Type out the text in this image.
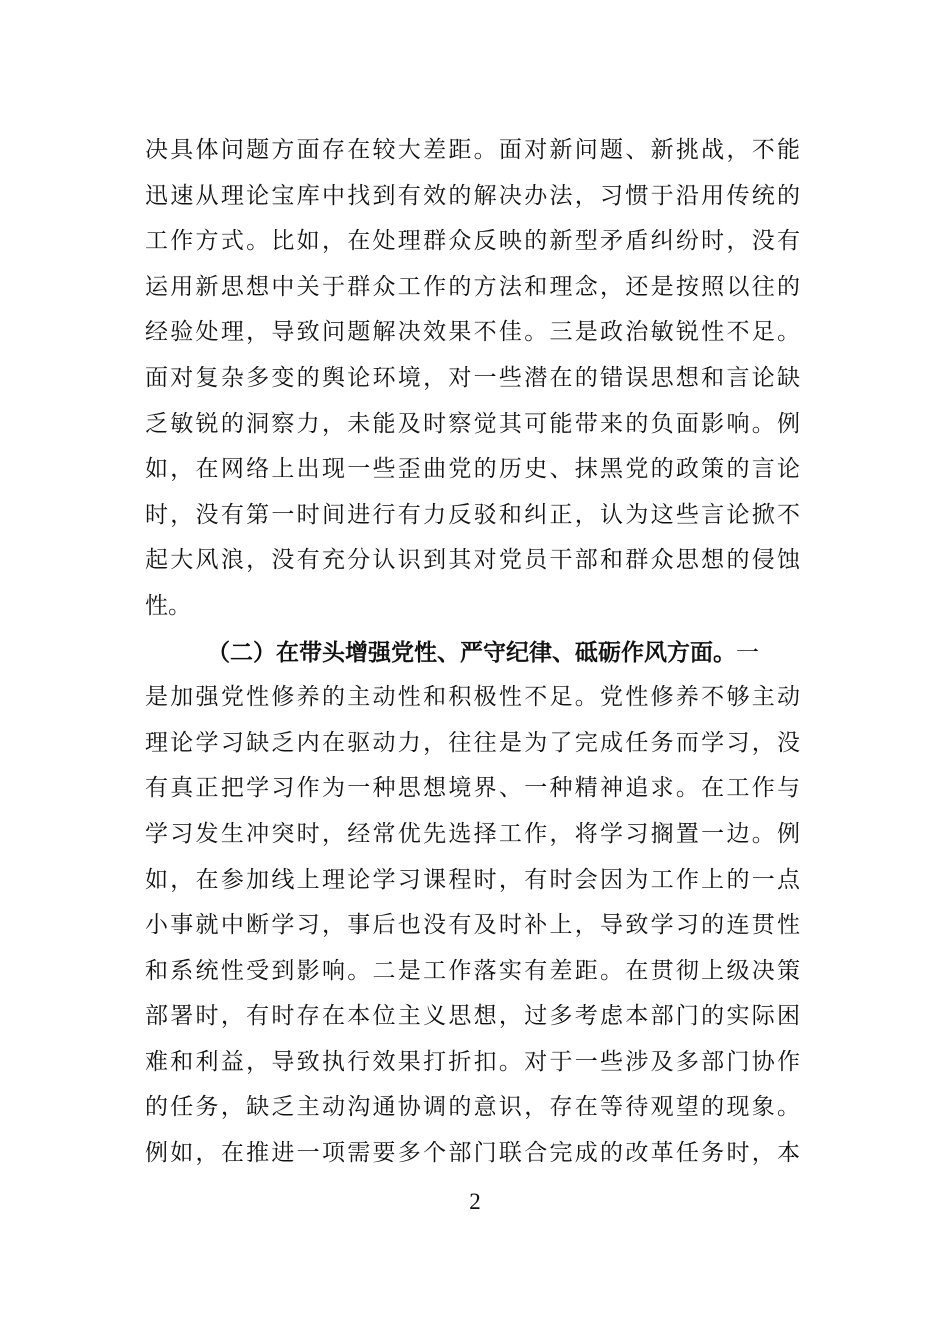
决具体问题方面存在较大差距。面对新问题、新挑战，不能
迅速从理论宝库中找到有效的解决办法，习惯于沿用传统的
工作方式。比如，在处理群众反映的新型矛盾纠纷时，没有
运用新思想中关于群众工作的方法和理念，还是按照以往的
经验处理，导致问题解决效果不佳。三是政治敏锐性不足。
面对复杂多变的舆论环境，对一些潜在的错误思想和言论缺
乏敏锐的洞察力，未能及时察觉其可能带来的负面影响。例
如，在网络上出现一些歪曲党的历史、抹黑党的政策的言论
时，没有第一时间进行有力反驳和纠正，认为这些言论掀不
起大风浪，没有充分认识到其对党员干部和群众思想的侵蚀
性。
（二）在带头增强党性、严守纪律、砥砺作风方面。一
是加强党性修养的主动性和积极性不足。党性修养不够主动
理论学习缺乏内在驱动力，往往是为了完成任务而学习，没
有真正把学习作为一种思想境界、一种精神追求。在工作与
学习发生冲突时，经常优先选择工作，将学习搁置一边。例
如，在参加线上理论学习课程时，有时会因为工作上的一点
小事就中断学习，事后也没有及时补上，导致学习的连贯性
和系统性受到影响。二是工作落实有差距。在贯彻上级决策
部署时，有时存在本位主义思想，过多考虑本部门的实际困
难和利益，导致执行效果打折扣。对于一些涉及多部门协作
的任务，缺乏主动沟通协调的意识，存在等待观望的现象。
例如，在推进一项需要多个部门联合完成的改革任务时，本
2
